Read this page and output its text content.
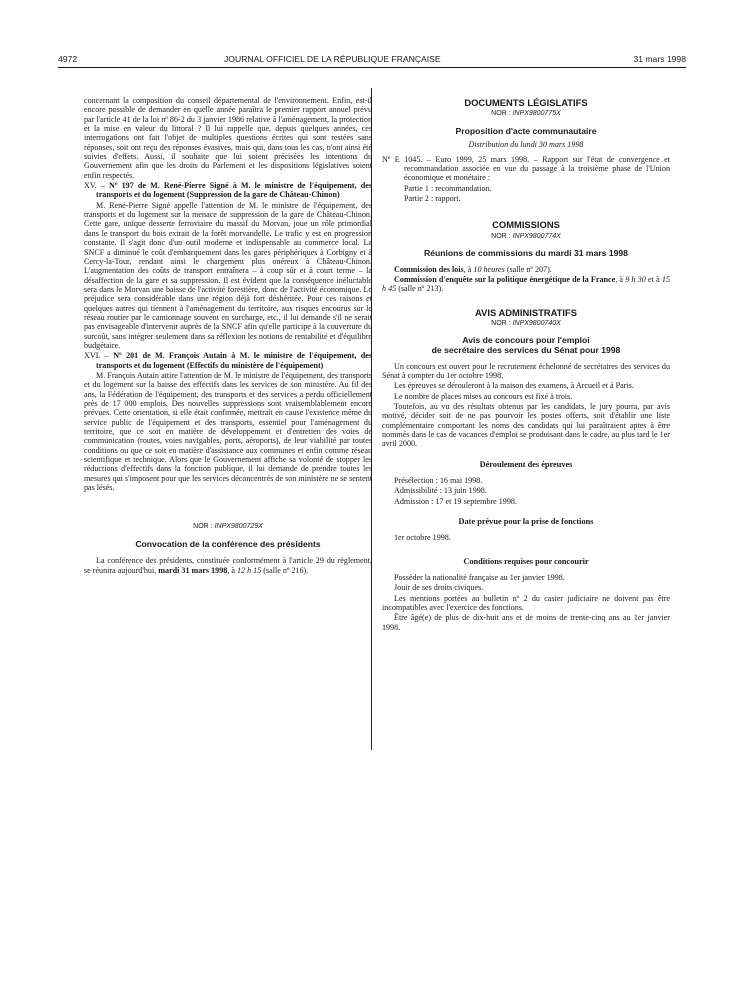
4972	JOURNAL OFFICIEL DE LA RÉPUBLIQUE FRANÇAISE	31 mars 1998

concernant la composition du conseil départemental de l'environnement. Enfin, est-il encore possible de demander en quelle année paraîtra le premier rapport annuel prévu par l'article 41 de la loi nº 86-2 du 3 janvier 1986 relative à l'aménagement, la protection et la mise en valeur du littoral ? Il lui rappelle que, depuis quelques années, ces interrogations ont fait l'objet de multiples questions écrites qui sont restées sans réponses, soit ont reçu des réponses évasives, mais qui, dans tous les cas, n'ont ainsi été suivies d'effets. Aussi, il souhaite que lui soient précisées les intentions du Gouvernement afin que les droits du Parlement et les dispositions législatives soient enfin respectés.

XV. – Nº 197 de M. René-Pierre Signé à M. le ministre de l'équipement, des transports et du logement (Suppression de la gare de Château-Chinon)

M. René-Pierre Signé appelle l'attention de M. le ministre de l'équipement, des transports et du logement sur la menace de suppression de la gare de Château-Chinon. Cette gare, unique desserte ferroviaire du massif du Morvan, joue un rôle primordial dans le transport du bois extrait de la forêt morvandelle. Le trafic y est en progression constante. Il s'agit donc d'un outil moderne et indispensable au commerce local. La SNCF a diminué le coût d'embarquement dans les gares périphériques à Corbigny et à Cercy-la-Tour, rendant ainsi le chargement plus onéreux à Château-Chinon. L'augmentation des coûts de transport entraînera – à coup sûr et à court terme – la désaffection de la gare et sa suppression. Il est évident que la conséquence inéluctable sera dans le Morvan une baisse de l'activité forestière, donc de l'activité économique. Le préjudice sera considérable dans une région déjà fort déshéritée. Pour ces raisons et quelques autres qui tiennent à l'aménagement du territoire, aux risques encourus sur le réseau routier par le camionnage souvent en surcharge, etc., il lui demande s'il ne serait pas envisageable d'intervenir auprès de la SNCF afin qu'elle participe à la couverture du surcoût, sans intégrer seulement dans sa réflexion les notions de rentabilité et d'équilibre budgétaire.

XVI. – Nº 201 de M. François Autain à M. le ministre de l'équipement, des transports et du logement (Effectifs du ministère de l'équipement)

M. François Autain attire l'attention de M. le ministre de l'équipement, des transports et du logement sur la baisse des effectifs dans les services de son ministère. Au fil des ans, la Fédération de l'équipement, des transports et des services a perdu officiellement près de 17 000 emplois. Des nouvelles suppressions sont vraisemblablement encore prévues. Cette orientation, si elle était confirmée, mettrait en cause l'existence même du service public de l'équipement et des transports, essentiel pour l'aménagement du territoire, que ce soit en matière de développement et d'entretien des voies de communication (routes, voies navigables, ports, aéroports), de leur viabilité par toutes conditions ou que ce soit en matière d'assistance aux communes et enfin comme réseau scientifique et technique. Alors que le Gouvernement affiche sa volonté de stopper les réductions d'effectifs dans la fonction publique, il lui demande de prendre toutes les mesures qui s'imposent pour que les services déconcentrés de son ministère ne se sentent pas lésés.

NOR : INPX9800729X

Convocation de la conférence des présidents

La conférence des présidents, constituée conformément à l'article 29 du règlement, se réunira aujourd'hui, mardi 31 mars 1998, à 12 h 15 (salle nº 216).

DOCUMENTS LÉGISLATIFS

NOR : INPX9800775X

Proposition d'acte communautaire

Distribution du lundi 30 mars 1998

Nº E 1045. – Euro 1999, 25 mars 1998. – Rapport sur l'état de convergence et recommandation associée en vue du passage à la troisième phase de l'Union économique et monétaire :

Partie 1 : recommandation.

Partie 2 : rapport.

COMMISSIONS

NOR : INPX9800774X

Réunions de commissions du mardi 31 mars 1998

Commission des lois, à 10 heures (salle nº 207).

Commission d'enquête sur la politique énergétique de la France, à 9 h 30 et à 15 h 45 (salle nº 213).

AVIS ADMINISTRATIFS

NOR : INPX9800740X

Avis de concours pour l'emploi

de secrétaire des services du Sénat pour 1998

Un concours est ouvert pour le recrutement échelonné de secrétaires des services du Sénat à compter du 1er octobre 1998.

Les épreuves se dérouleront à la maison des examens, à Arcueil et à Paris.

Le nombre de places mises au concours est fixé à trois.

Toutefois, au vu des résultats obtenus par les candidats, le jury pourra, par avis motivé, décider soit de ne pas pourvoir les postes offerts, soit d'établir une liste complémentaire comportant les noms des candidats qui lui paraîtraient aptes à être nommés dans le cas de vacances d'emploi se produisant dans le cadre, au plus tard le 1er avril 2000.

Déroulement des épreuves

Présélection : 16 mai 1998.

Admissibilité : 13 juin 1998.

Admission : 17 et 19 septembre 1998.

Date prévue pour la prise de fonctions

1er octobre 1998.

Conditions requises pour concourir

Posséder la nationalité française au 1er janvier 1998.

Jouir de ses droits civiques.

Les mentions portées au bulletin nº 2 du casier judiciaire ne doivent pas être incompatibles avec l'exercice des fonctions.

Être âgé(e) de plus de dix-huit ans et de moins de trente-cinq ans au 1er janvier 1998.
